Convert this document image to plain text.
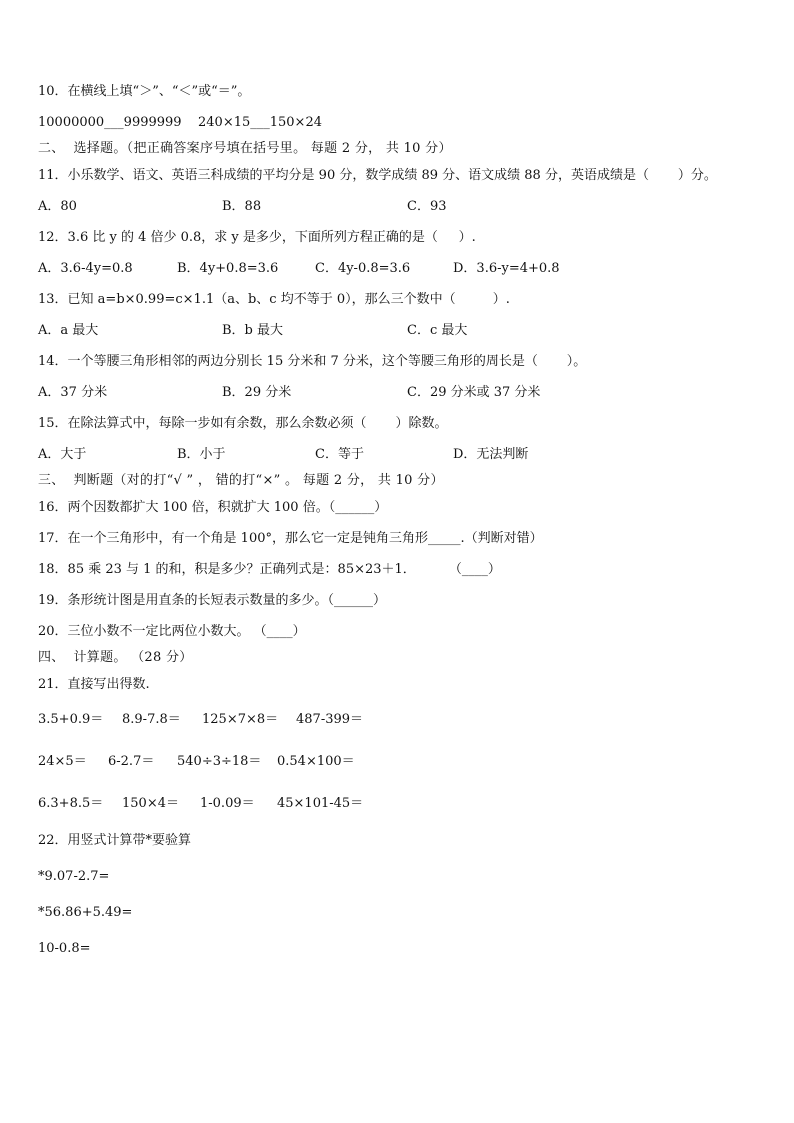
10．在横线上填“＞”、“＜”或“＝”。
10000000___9999999 240×15___150×24
二、  选择题。（把正确答案序号填在括号里。 每题 2 分， 共 10 分）
11．小乐数学、语文、英语三科成绩的平均分是 90 分，数学成绩 89 分、语文成绩 88 分，英语成绩是（       ）分。
A．80	B．88	C．93
12．3.6 比 y 的 4 倍少 0.8，求 y 是多少，下面所列方程正确的是（     ）.
A．3.6-4y=0.8	B．4y+0.8=3.6	C．4y-0.8=3.6	D．3.6-y=4+0.8
13．已知 a=b×0.99=c×1.1（a、b、c 均不等于 0），那么三个数中（         ）.
A．a 最大	B．b 最大	C．c 最大
14．一个等腰三角形相邻的两边分别长 15 分米和 7 分米，这个等腰三角形的周长是（       ）。
A．37 分米	B．29 分米	C．29 分米或 37 分米
15．在除法算式中，每除一步如有余数，那么余数必须（       ）除数。
A．大于	B．小于	C．等于	D．无法判断
三、  判断题（对的打“√ ” ， 错的打“×” 。 每题 2 分， 共 10 分）
16．两个因数都扩大 100 倍，积就扩大 100 倍。（______）
17．在一个三角形中，有一个角是 100°，那么它一定是钝角三角形_____.（判断对错）
18．85 乘 23 与 1 的和，积是多少？正确列式是：85×23＋1．        （____）
19．条形统计图是用直条的长短表示数量的多少。（______）
20．三位小数不一定比两位小数大。 （____）
四、  计算题。 （28 分）
21．直接写出得数.
3.5+0.9＝ 8.9-7.8＝ 125×7×8＝ 487-399＝
24×5＝ 6-2.7＝ 540÷3÷18＝ 0.54×100＝
6.3+8.5＝ 150×4＝ 1-0.09＝ 45×101-45＝
22．用竖式计算带*要验算
*9.07-2.7=
*56.86+5.49=
10-0.8=
